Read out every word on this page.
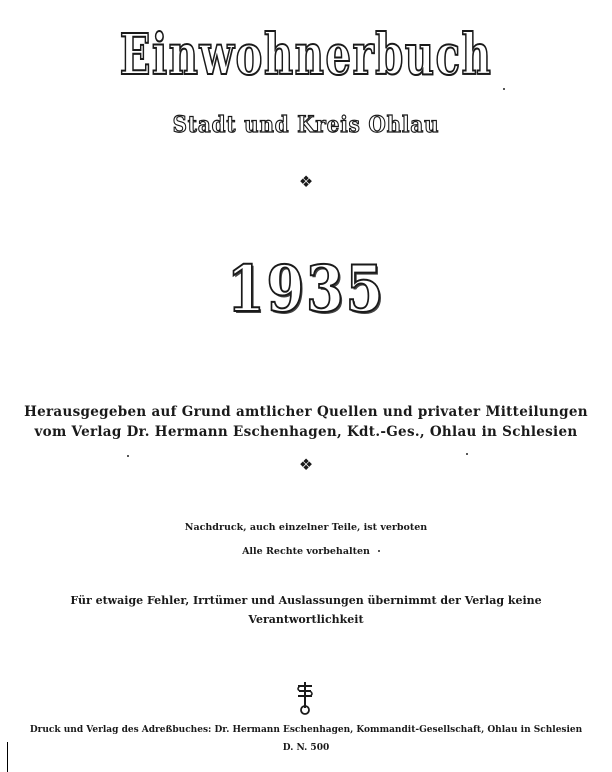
Einwohnerbuch
Stadt und Kreis Ohlau
❖
1935
Herausgegeben auf Grund amtlicher Quellen und privater Mitteilungen
vom Verlag Dr. Hermann Eschenhagen, Kdt.-Ges., Ohlau in Schlesien
❖
Nachdruck, auch einzelner Teile, ist verboten
Alle Rechte vorbehalten
Für etwaige Fehler, Irrtümer und Auslassungen übernimmt der Verlag keine
Verantwortlichkeit
Druck und Verlag des Adreßbuches: Dr. Hermann Eschenhagen, Kommandit-Gesellschaft, Ohlau in Schlesien
D. N. 500
